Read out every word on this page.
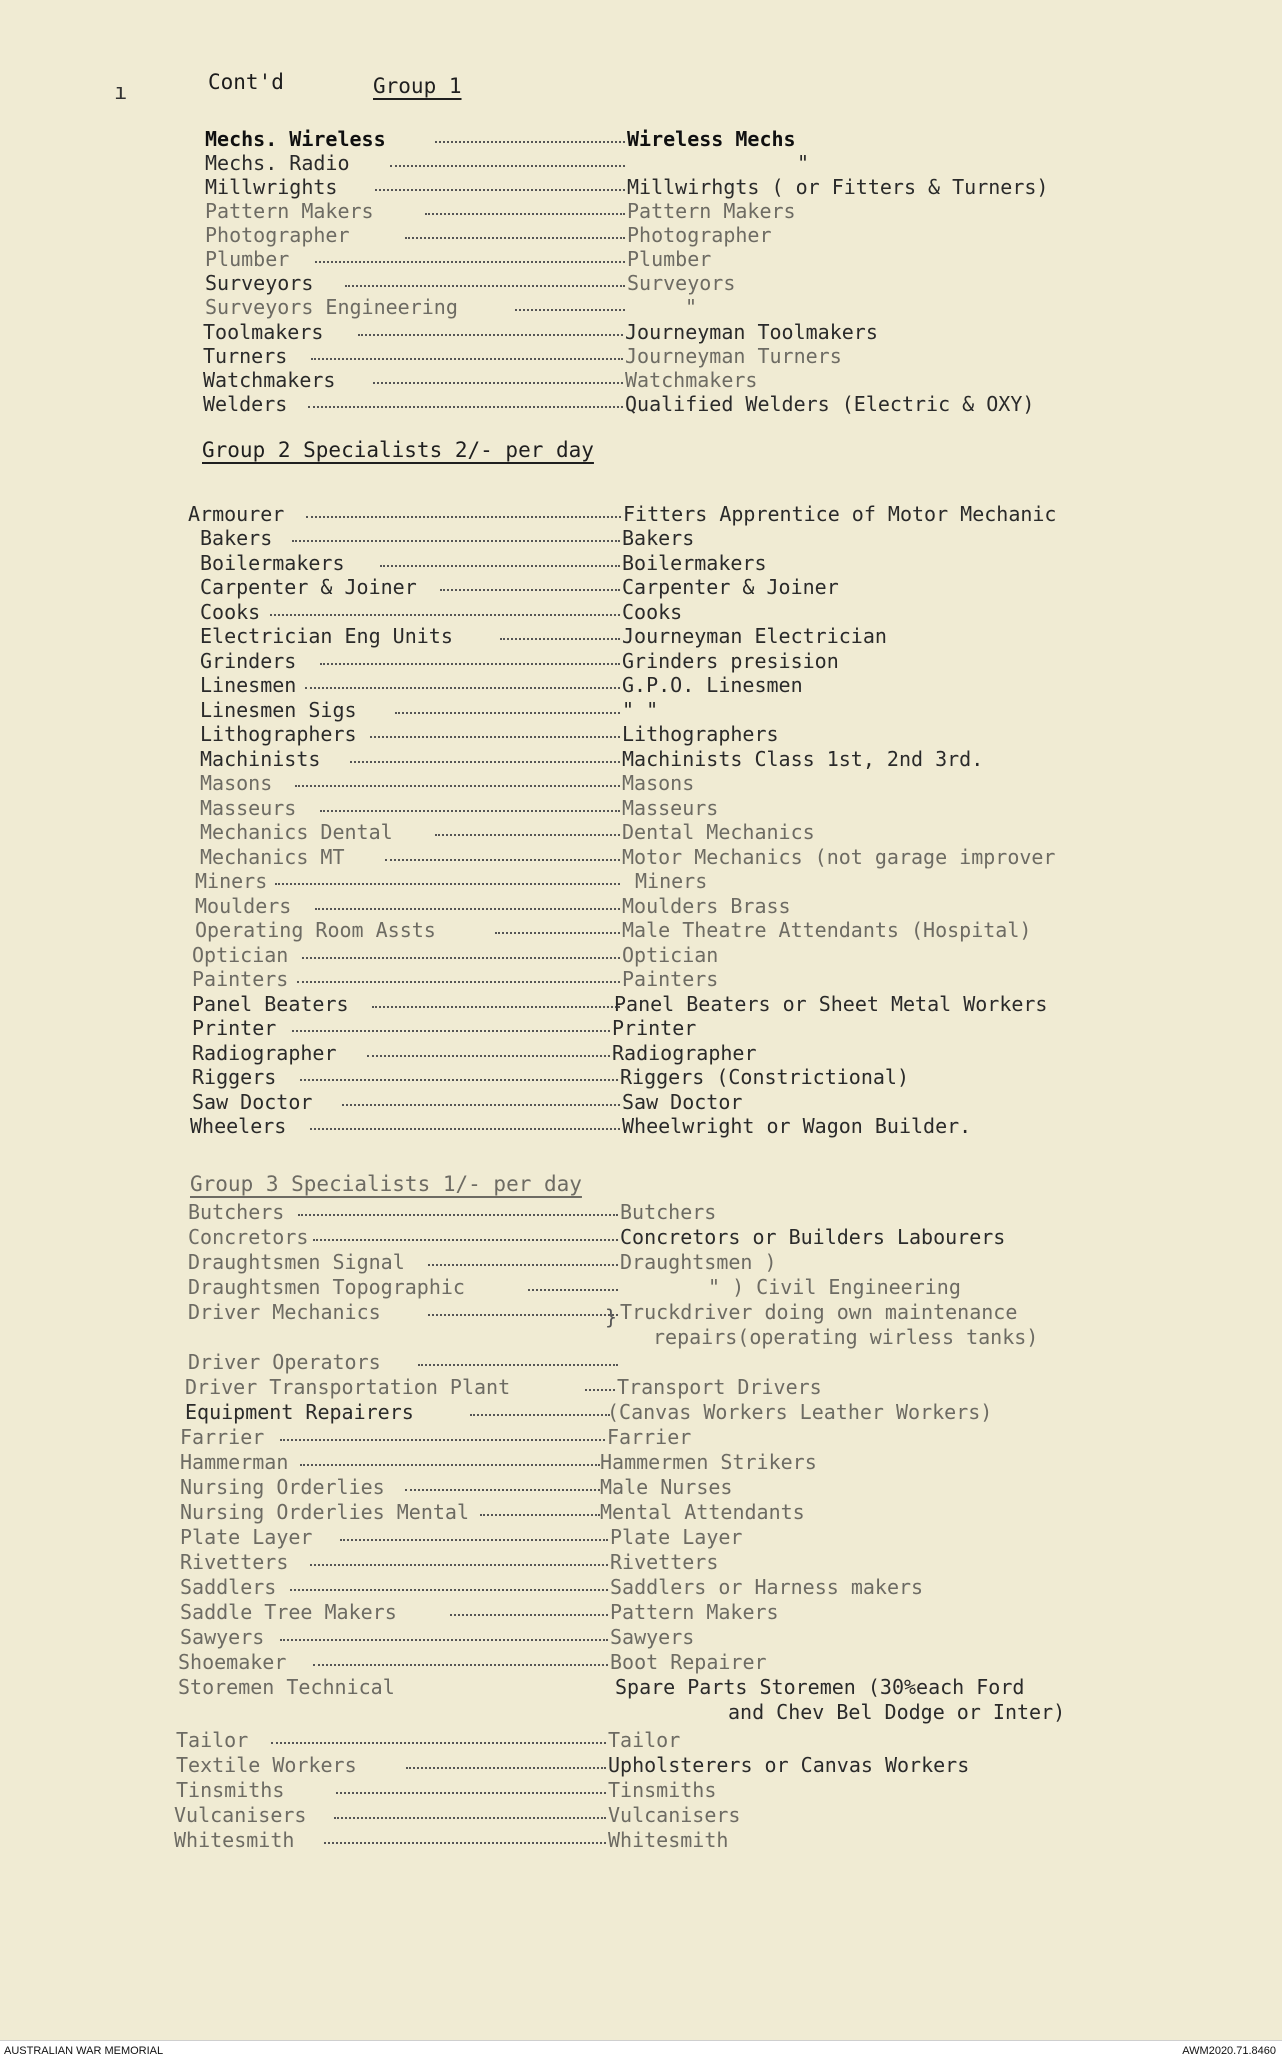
ı	Cont'd	Group 1
Mechs. Wireless	Wireless Mechs
Mechs. Radio	"
Millwrights	Millwirhgts ( or Fitters & Turners)
Pattern Makers	Pattern Makers
Photographer	Photographer
Plumber	Plumber
Surveyors	Surveyors
Surveyors Engineering	"
Toolmakers	Journeyman Toolmakers
Turners	Journeyman Turners
Watchmakers	Watchmakers
Welders	Qualified Welders (Electric & OXY)
Group 2 Specialists 2/- per day
Armourer	Fitters Apprentice of Motor Mechanic
Bakers	Bakers
Boilermakers	Boilermakers
Carpenter & Joiner	Carpenter & Joiner
Cooks	Cooks
Electrician Eng Units	Journeyman Electrician
Grinders	Grinders presision
Linesmen	G.P.O. Linesmen
Linesmen Sigs	" "
Lithographers	Lithographers
Machinists	Machinists Class 1st, 2nd 3rd.
Masons	Masons
Masseurs	Masseurs
Mechanics Dental	Dental Mechanics
Mechanics MT	Motor Mechanics (not garage improver
Miners	Miners
Moulders	Moulders Brass
Operating Room Assts	Male Theatre Attendants (Hospital)
Optician	Optician
Painters	Painters
Panel Beaters	Panel Beaters or Sheet Metal Workers
Printer	Printer
Radiographer	Radiographer
Riggers	Riggers (Constrictional)
Saw Doctor	Saw Doctor
Wheelers	Wheelwright or Wagon Builder.
Group 3 Specialists 1/- per day
Butchers	Butchers
Concretors	Concretors or Builders Labourers
Draughtsmen Signal	Draughtsmen )
Draughtsmen Topographic	" ) Civil Engineering
Driver Mechanics	Truckdriver doing own maintenance
repairs(operating wirless tanks)
}
Driver Operators
Driver Transportation Plant	Transport Drivers
Equipment Repairers	(Canvas Workers Leather Workers)
Farrier	Farrier
Hammerman	Hammermen Strikers
Nursing Orderlies	Male Nurses
Nursing Orderlies Mental	Mental Attendants
Plate Layer	Plate Layer
Rivetters	Rivetters
Saddlers	Saddlers or Harness makers
Saddle Tree Makers	Pattern Makers
Sawyers	Sawyers
Shoemaker	Boot Repairer
Storemen Technical	Spare Parts Storemen (30%each Ford
and Chev Bel Dodge or Inter)
Tailor	Tailor
Textile Workers	Upholsterers or Canvas Workers
Tinsmiths	Tinsmiths
Vulcanisers	Vulcanisers
Whitesmith	Whitesmith
AUSTRALIAN WAR MEMORIAL	AWM2020.71.8460
